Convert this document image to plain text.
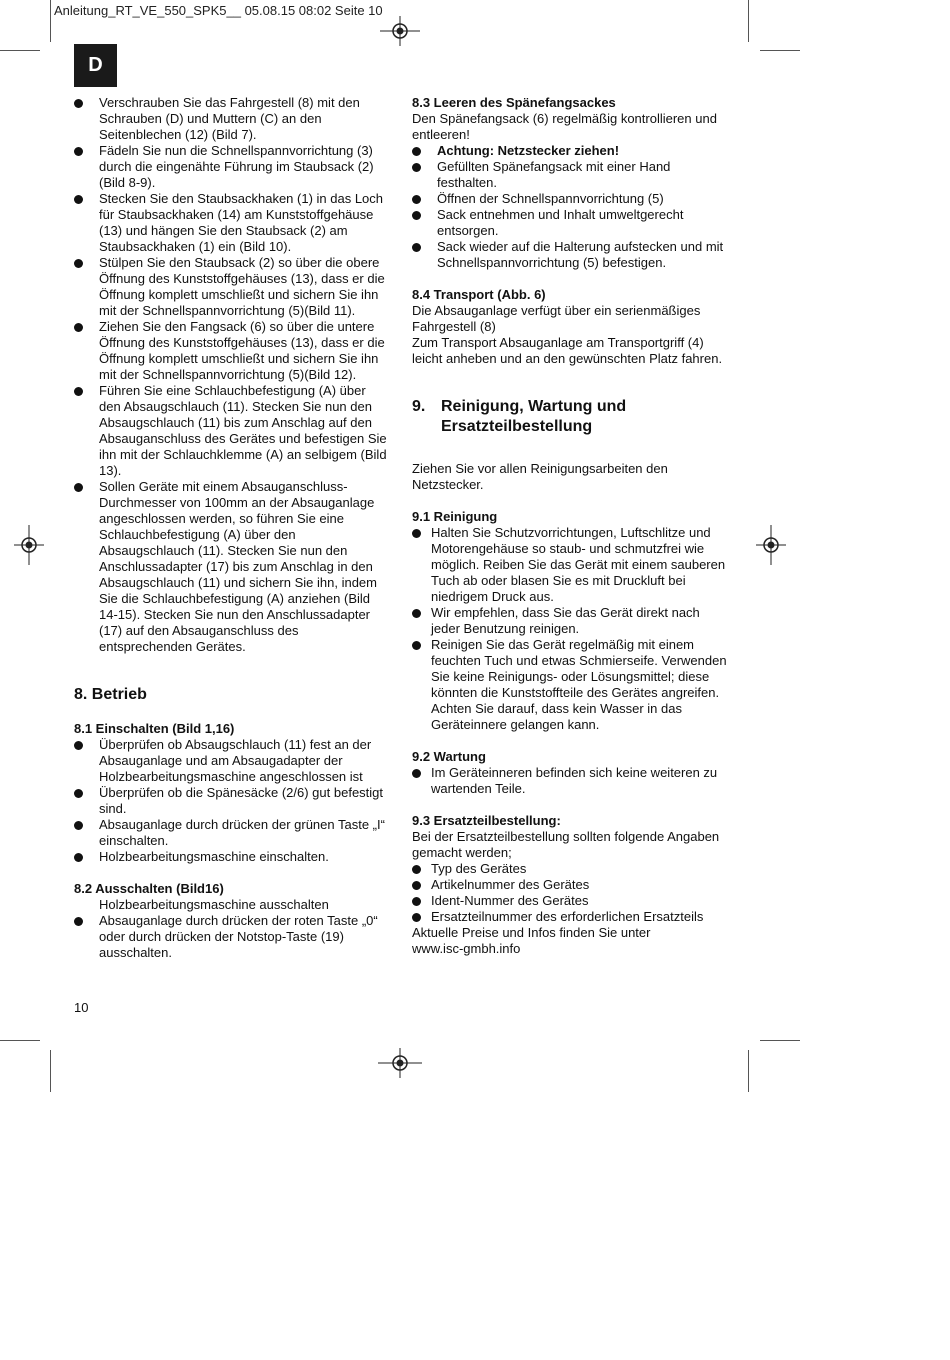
Anleitung_RT_VE_550_SPK5__ 05.08.15 08:02 Seite 10
D

Verschrauben Sie das Fahrgestell (8) mit den Schrauben (D) und Muttern (C) an den Seitenblechen (12) (Bild 7).

Fädeln Sie nun die Schnellspannvorrichtung (3) durch die eingenähte Führung im Staubsack (2) (Bild 8-9).

Stecken Sie den Staubsackhaken (1) in das Loch für Staubsackhaken (14) am Kunststoffgehäuse (13) und hängen Sie den Staubsack (2) am Staubsackhaken (1) ein (Bild 10).

Stülpen Sie den Staubsack (2) so über die obere Öffnung des Kunststoffgehäuses (13), dass er die Öffnung komplett umschließt und sichern Sie ihn mit der Schnellspannvorrichtung (5)(Bild 11).

Ziehen Sie den Fangsack (6) so über die untere Öffnung des Kunststoffgehäuses (13), dass er die Öffnung komplett umschließt und sichern Sie ihn mit der Schnellspannvorrichtung (5)(Bild 12).

Führen Sie eine Schlauchbefestigung (A) über den Absaugschlauch (11). Stecken Sie nun den Absaugschlauch (11) bis zum Anschlag auf den Absauganschluss des Gerätes und befestigen Sie ihn mit der Schlauchklemme (A) an selbigem (Bild 13).

Sollen Geräte mit einem Absauganschluss-Durchmesser von 100mm an der Absauganlage angeschlossen werden, so führen Sie eine Schlauchbefestigung (A) über den Absaugschlauch (11). Stecken Sie nun den Anschlussadapter (17) bis zum Anschlag in den Absaugschlauch (11) und sichern Sie ihn, indem Sie die Schlauchbefestigung (A) anziehen (Bild 14-15). Stecken Sie nun den Anschlussadapter (17) auf den Absauganschluss des entsprechenden Gerätes.

8. Betrieb

8.1 Einschalten (Bild 1,16)

Überprüfen ob Absaugschlauch (11) fest an der Absauganlage und am Absaugadapter der Holzbearbeitungsmaschine angeschlossen ist

Überprüfen ob die Spänesäcke (2/6) gut befestigt sind.

Absauganlage durch drücken der grünen Taste „I“ einschalten.

Holzbearbeitungsmaschine einschalten.

8.2 Ausschalten (Bild16)

Holzbearbeitungsmaschine ausschalten

Absauganlage durch drücken der roten Taste „0“ oder durch drücken der Notstop-Taste (19) ausschalten.

8.3 Leeren des Spänefangsackes

Den Spänefangsack (6) regelmäßig kontrollieren und entleeren!

Achtung: Netzstecker ziehen!

Gefüllten Spänefangsack mit einer Hand festhalten.

Öffnen der Schnellspannvorrichtung (5)

Sack entnehmen und Inhalt umweltgerecht entsorgen.

Sack wieder auf die Halterung aufstecken und mit Schnellspannvorrichtung (5) befestigen.

8.4 Transport (Abb. 6)

Die Absauganlage verfügt über ein serienmäßiges Fahrgestell (8)

Zum Transport Absauganlage am Transportgriff (4) leicht anheben und an den gewünschten Platz fahren.

9. Reinigung, Wartung und Ersatzteilbestellung

Ziehen Sie vor allen Reinigungsarbeiten den Netzstecker.

9.1 Reinigung

Halten Sie Schutzvorrichtungen, Luftschlitze und Motorengehäuse so staub- und schmutzfrei wie möglich. Reiben Sie das Gerät mit einem sauberen Tuch ab oder blasen Sie es mit Druckluft bei niedrigem Druck aus.

Wir empfehlen, dass Sie das Gerät direkt nach jeder Benutzung reinigen.

Reinigen Sie das Gerät regelmäßig mit einem feuchten Tuch und etwas Schmierseife. Verwenden Sie keine Reinigungs- oder Lösungsmittel; diese könnten die Kunststoffteile des Gerätes angreifen. Achten Sie darauf, dass kein Wasser in das Geräteinnere gelangen kann.

9.2 Wartung

Im Geräteinneren befinden sich keine weiteren zu wartenden Teile.

9.3 Ersatzteilbestellung:

Bei der Ersatzteilbestellung sollten folgende Angaben gemacht werden;

Typ des Gerätes

Artikelnummer des Gerätes

Ident-Nummer des Gerätes

Ersatzteilnummer des erforderlichen Ersatzteils

Aktuelle Preise und Infos finden Sie unter

www.isc-gmbh.info

10
